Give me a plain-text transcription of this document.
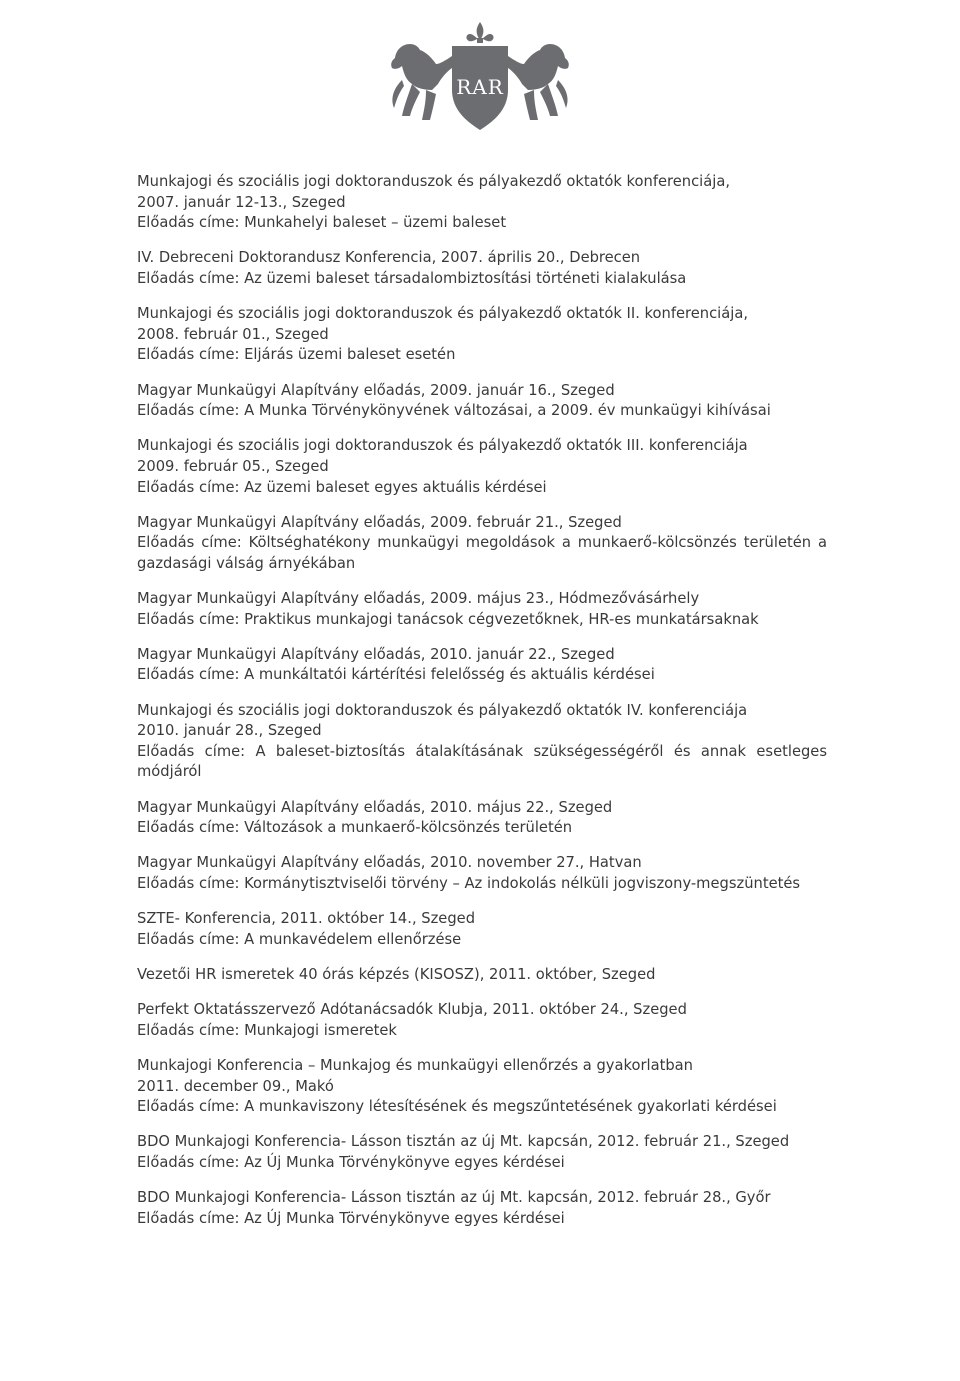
RAR
Munkajogi és szociális jogi doktoranduszok és pályakezdő oktatók konferenciája,
2007. január 12-13., Szeged
Előadás címe: Munkahelyi baleset – üzemi baleset
IV. Debreceni Doktorandusz Konferencia, 2007. április 20., Debrecen
Előadás címe: Az üzemi baleset társadalombiztosítási történeti kialakulása
Munkajogi és szociális jogi doktoranduszok és pályakezdő oktatók II. konferenciája,
2008. február 01., Szeged
Előadás címe: Eljárás üzemi baleset esetén
Magyar Munkaügyi Alapítvány előadás, 2009. január 16., Szeged
Előadás címe: A Munka Törvénykönyvének változásai, a 2009. év munkaügyi kihívásai
Munkajogi és szociális jogi doktoranduszok és pályakezdő oktatók III. konferenciája
2009. február 05., Szeged
Előadás címe: Az üzemi baleset egyes aktuális kérdései
Magyar Munkaügyi Alapítvány előadás, 2009. február 21., Szeged
Előadás címe: Költséghatékony munkaügyi megoldások a munkaerő-kölcsönzés területén a gazdasági válság árnyékában
Magyar Munkaügyi Alapítvány előadás, 2009. május 23., Hódmezővásárhely
Előadás címe: Praktikus munkajogi tanácsok cégvezetőknek, HR-es munkatársaknak
Magyar Munkaügyi Alapítvány előadás, 2010. január 22., Szeged
Előadás címe: A munkáltatói kártérítési felelősség és aktuális kérdései
Munkajogi és szociális jogi doktoranduszok és pályakezdő oktatók IV. konferenciája
2010. január 28., Szeged
Előadás címe: A baleset-biztosítás átalakításának szükségességéről és annak esetleges módjáról
Magyar Munkaügyi Alapítvány előadás, 2010. május 22., Szeged
Előadás címe: Változások a munkaerő-kölcsönzés területén
Magyar Munkaügyi Alapítvány előadás, 2010. november 27., Hatvan
Előadás címe: Kormánytisztviselői törvény – Az indokolás nélküli jogviszony-megszüntetés
SZTE- Konferencia, 2011. október 14., Szeged
Előadás címe: A munkavédelem ellenőrzése
Vezetői HR ismeretek 40 órás képzés (KISOSZ), 2011. október, Szeged
Perfekt Oktatásszervező Adótanácsadók Klubja, 2011. október 24., Szeged
Előadás címe: Munkajogi ismeretek
Munkajogi Konferencia – Munkajog és munkaügyi ellenőrzés a gyakorlatban
2011. december 09., Makó
Előadás címe: A munkaviszony létesítésének és megszűntetésének gyakorlati kérdései
BDO Munkajogi Konferencia- Lásson tisztán az új Mt. kapcsán, 2012. február 21., Szeged
Előadás címe: Az Új Munka Törvénykönyve egyes kérdései
BDO Munkajogi Konferencia- Lásson tisztán az új Mt. kapcsán, 2012. február 28., Győr
Előadás címe: Az Új Munka Törvénykönyve egyes kérdései
